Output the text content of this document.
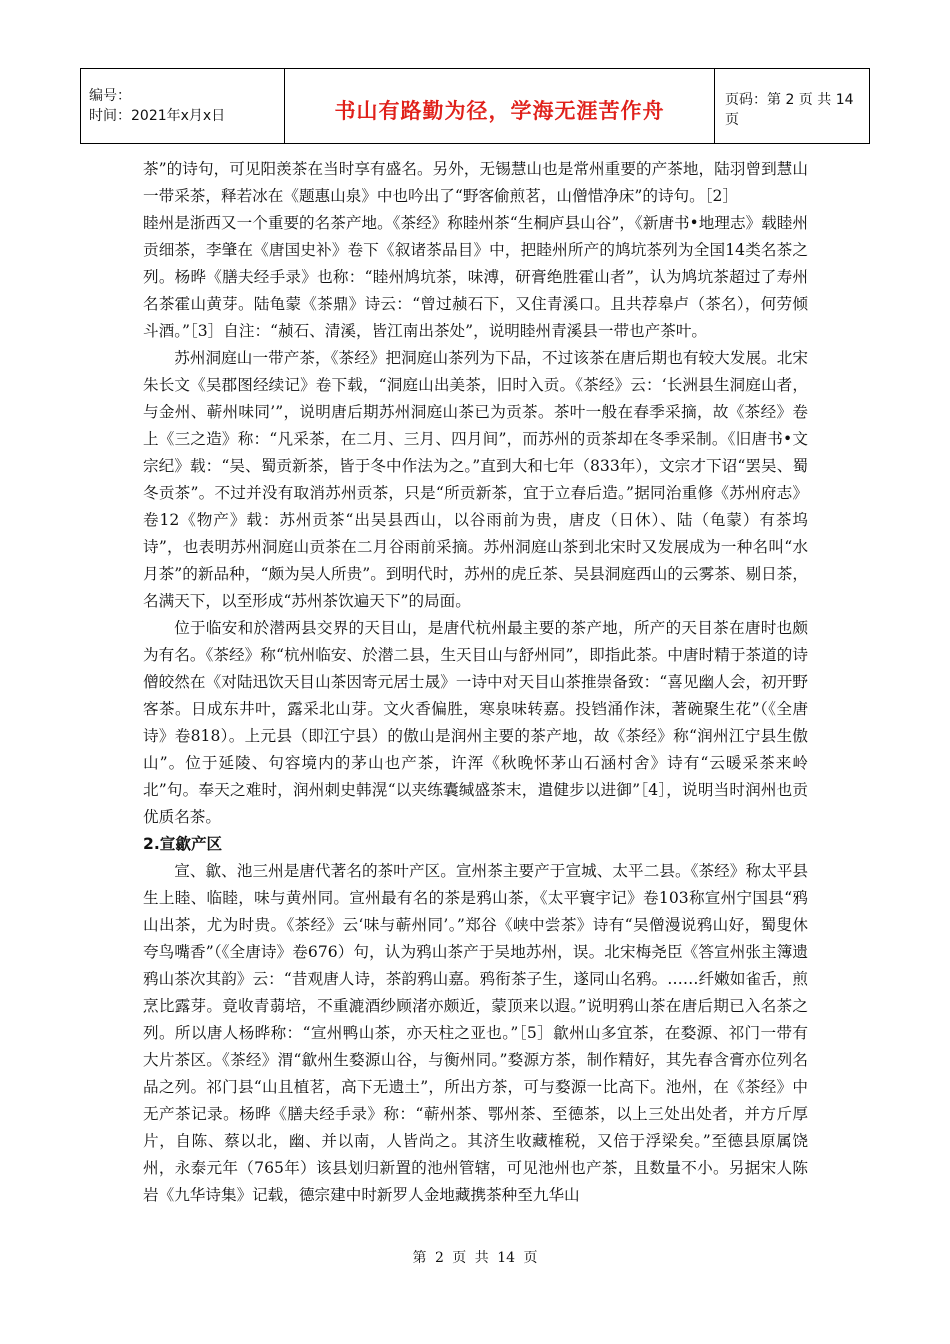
编号：
时间：2021年x月x日	书山有路勤为径，学海无涯苦作舟	页码：第 2 页 共 14 页

茶”的诗句，可见阳羡茶在当时享有盛名。另外，无锡慧山也是常州重要的产茶地，陆羽曾到慧山一带采茶，释若冰在《题惠山泉》中也吟出了“野客偷煎茗，山僧惜净床”的诗句。［2］

睦州是浙西又一个重要的名茶产地。《茶经》称睦州茶“生桐庐县山谷”，《新唐书•地理志》载睦州贡细茶，李肇在《唐国史补》卷下《叙诸茶品目》中，把睦州所产的鸠坑茶列为全国14类名茶之列。杨晔《膳夫经手录》也称：“睦州鸠坑茶，味溥，研膏绝胜霍山者”，认为鸠坑茶超过了寿州名茶霍山黄芽。陆龟蒙《茶鼎》诗云：“曾过赪石下，又住青溪口。且共荐皋卢（茶名），何劳倾斗酒。”［3］自注：“赪石、清溪，皆江南出茶处”，说明睦州青溪县一带也产茶叶。

苏州洞庭山一带产茶，《茶经》把洞庭山茶列为下品，不过该茶在唐后期也有较大发展。北宋朱长文《吴郡图经续记》卷下载，“洞庭山出美茶，旧时入贡。《茶经》云：‘长洲县生洞庭山者，与金州、蕲州味同’”，说明唐后期苏州洞庭山茶已为贡茶。茶叶一般在春季采摘，故《茶经》卷上《三之造》称：“凡采茶，在二月、三月、四月间”，而苏州的贡茶却在冬季采制。《旧唐书•文宗纪》载：“吴、蜀贡新茶，皆于冬中作法为之。”直到大和七年（833年），文宗才下诏“罢吴、蜀冬贡茶”。不过并没有取消苏州贡茶，只是“所贡新茶，宜于立春后造。”据同治重修《苏州府志》卷12《物产》载：苏州贡茶“出吴县西山，以谷雨前为贵，唐皮（日休）、陆（龟蒙）有茶坞诗”，也表明苏州洞庭山贡茶在二月谷雨前采摘。苏州洞庭山茶到北宋时又发展成为一种名叫“水月茶”的新品种，“颇为吴人所贵”。到明代时，苏州的虎丘茶、吴县洞庭西山的云雾茶、剔日茶，名满天下，以至形成“苏州茶饮遍天下”的局面。

位于临安和於潜两县交界的天目山，是唐代杭州最主要的茶产地，所产的天目茶在唐时也颇为有名。《茶经》称“杭州临安、於潜二县，生天目山与舒州同”，即指此茶。中唐时精于茶道的诗僧皎然在《对陆迅饮天目山茶因寄元居士晟》一诗中对天目山茶推崇备致：“喜见幽人会，初开野客茶。日成东井叶，露采北山芽。文火香偏胜，寒泉味转嘉。投铛涌作沫，著碗聚生花”（《全唐诗》卷818）。上元县（即江宁县）的傲山是润州主要的茶产地，故《茶经》称“润州江宁县生傲山”。位于延陵、句容境内的茅山也产茶，许浑《秋晚怀茅山石涵村舍》诗有“云暖采茶来岭北”句。奉天之难时，润州刺史韩滉“以夹练囊缄盛茶末，遣健步以进御”［4］，说明当时润州也贡优质名茶。

2.宣歙产区

宣、歙、池三州是唐代著名的茶叶产区。宣州茶主要产于宣城、太平二县。《茶经》称太平县生上睦、临睦，味与黄州同。宣州最有名的茶是鸦山茶，《太平寰宇记》卷103称宣州宁国县“鸦山出茶，尤为时贵。《茶经》云‘味与蕲州同’。”郑谷《峡中尝茶》诗有“吴僧漫说鸦山好，蜀叟休夸鸟嘴香”（《全唐诗》卷676）句，认为鸦山茶产于吴地苏州，误。北宋梅尧臣《答宣州张主簿遗鸦山茶次其韵》云：“昔观唐人诗，茶韵鸦山嘉。鸦衔茶子生，遂同山名鸦。……纤嫩如雀舌，煎烹比露芽。竟收青蒻培，不重漉酒纱顾渚亦颇近，蒙顶来以遐。”说明鸦山茶在唐后期已入名茶之列。所以唐人杨晔称：“宣州鸭山茶，亦天柱之亚也。”［5］歙州山多宜茶，在婺源、祁门一带有大片茶区。《茶经》渭“歙州生婺源山谷，与衡州同。”婺源方茶，制作精好，其先春含膏亦位列名品之列。祁门县“山且植茗，高下无遗土”，所出方茶，可与婺源一比高下。池州，在《茶经》中无产茶记录。杨晔《膳夫经手录》称：“蕲州茶、鄂州茶、至德茶，以上三处出处者，并方斤厚片，自陈、蔡以北，幽、并以南，人皆尚之。其济生收藏榷税，又倍于浮梁矣。”至德县原属饶州，永泰元年（765年）该县划归新置的池州管辖，可见池州也产茶，且数量不小。另据宋人陈岩《九华诗集》记载，德宗建中时新罗人金地藏携茶种至九华山

第 2 页 共 14 页
